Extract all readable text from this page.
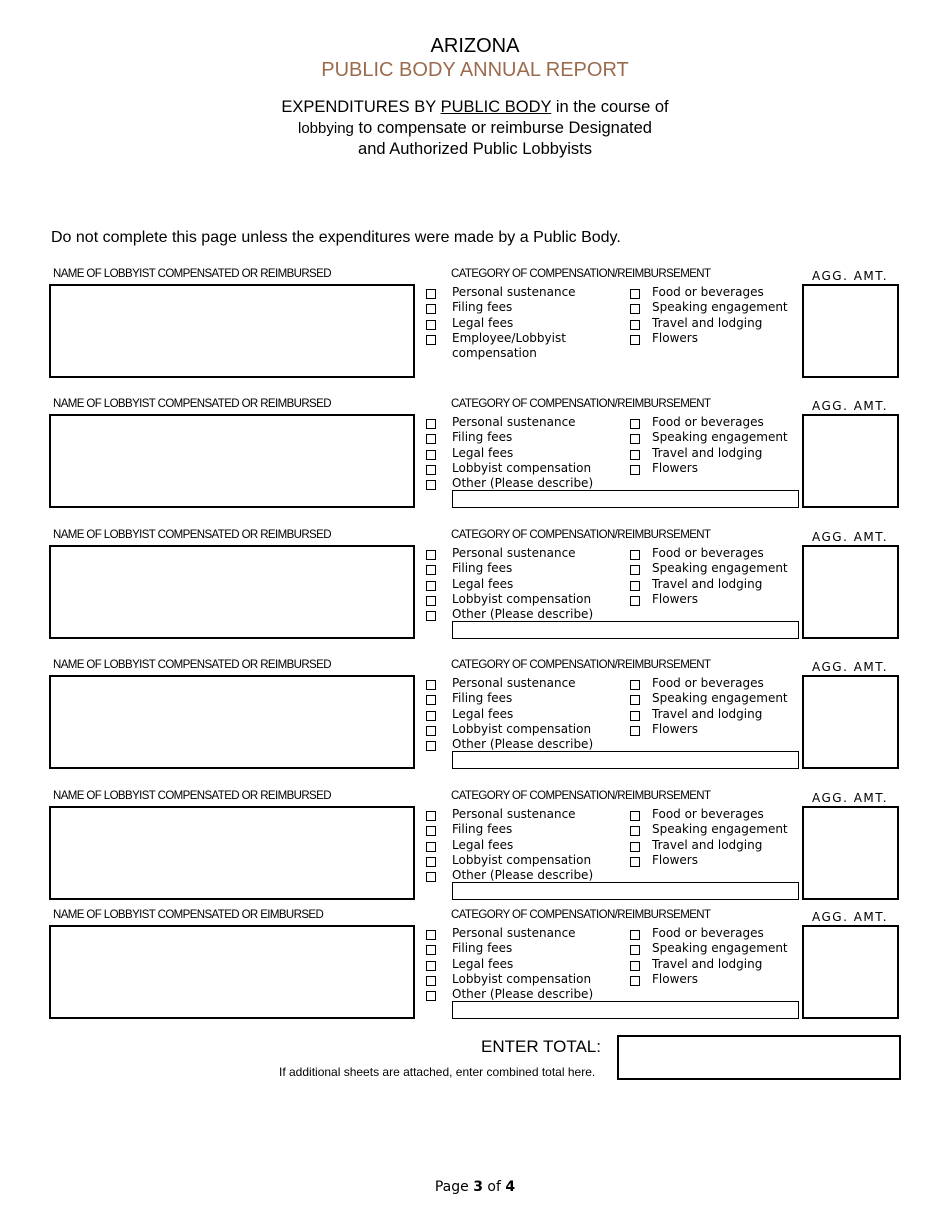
ARIZONA
PUBLIC BODY ANNUAL REPORT
EXPENDITURES BY PUBLIC BODY in the course of
lobbying to compensate or reimburse Designated
and Authorized Public Lobbyists
Do not complete this page unless the expenditures were made by a Public Body.
NAME OF LOBBYIST COMPENSATED OR REIMBURSED	CATEGORY OF COMPENSATION/REIMBURSEMENT	AGG. AMT.
Personal sustenance
Filing fees
Legal fees
Employee/Lobbyist compensation
Food or beverages
Speaking engagement
Travel and lodging
Flowers
NAME OF LOBBYIST COMPENSATED OR REIMBURSED	CATEGORY OF COMPENSATION/REIMBURSEMENT	AGG. AMT.
Personal sustenance
Filing fees
Legal fees
Lobbyist compensation
Other (Please describe)
Food or beverages
Speaking engagement
Travel and lodging
Flowers
NAME OF LOBBYIST COMPENSATED OR REIMBURSED	CATEGORY OF COMPENSATION/REIMBURSEMENT	AGG. AMT.
Personal sustenance
Filing fees
Legal fees
Lobbyist compensation
Other (Please describe)
Food or beverages
Speaking engagement
Travel and lodging
Flowers
NAME OF LOBBYIST COMPENSATED OR REIMBURSED	CATEGORY OF COMPENSATION/REIMBURSEMENT	AGG. AMT.
Personal sustenance
Filing fees
Legal fees
Lobbyist compensation
Other (Please describe)
Food or beverages
Speaking engagement
Travel and lodging
Flowers
NAME OF LOBBYIST COMPENSATED OR REIMBURSED	CATEGORY OF COMPENSATION/REIMBURSEMENT	AGG. AMT.
Personal sustenance
Filing fees
Legal fees
Lobbyist compensation
Other (Please describe)
Food or beverages
Speaking engagement
Travel and lodging
Flowers
NAME OF LOBBYIST COMPENSATED OR EIMBURSED	CATEGORY OF COMPENSATION/REIMBURSEMENT	AGG. AMT.
Personal sustenance
Filing fees
Legal fees
Lobbyist compensation
Other (Please describe)
Food or beverages
Speaking engagement
Travel and lodging
Flowers
ENTER TOTAL:
If additional sheets are attached, enter combined total here.
Page 3 of 4
